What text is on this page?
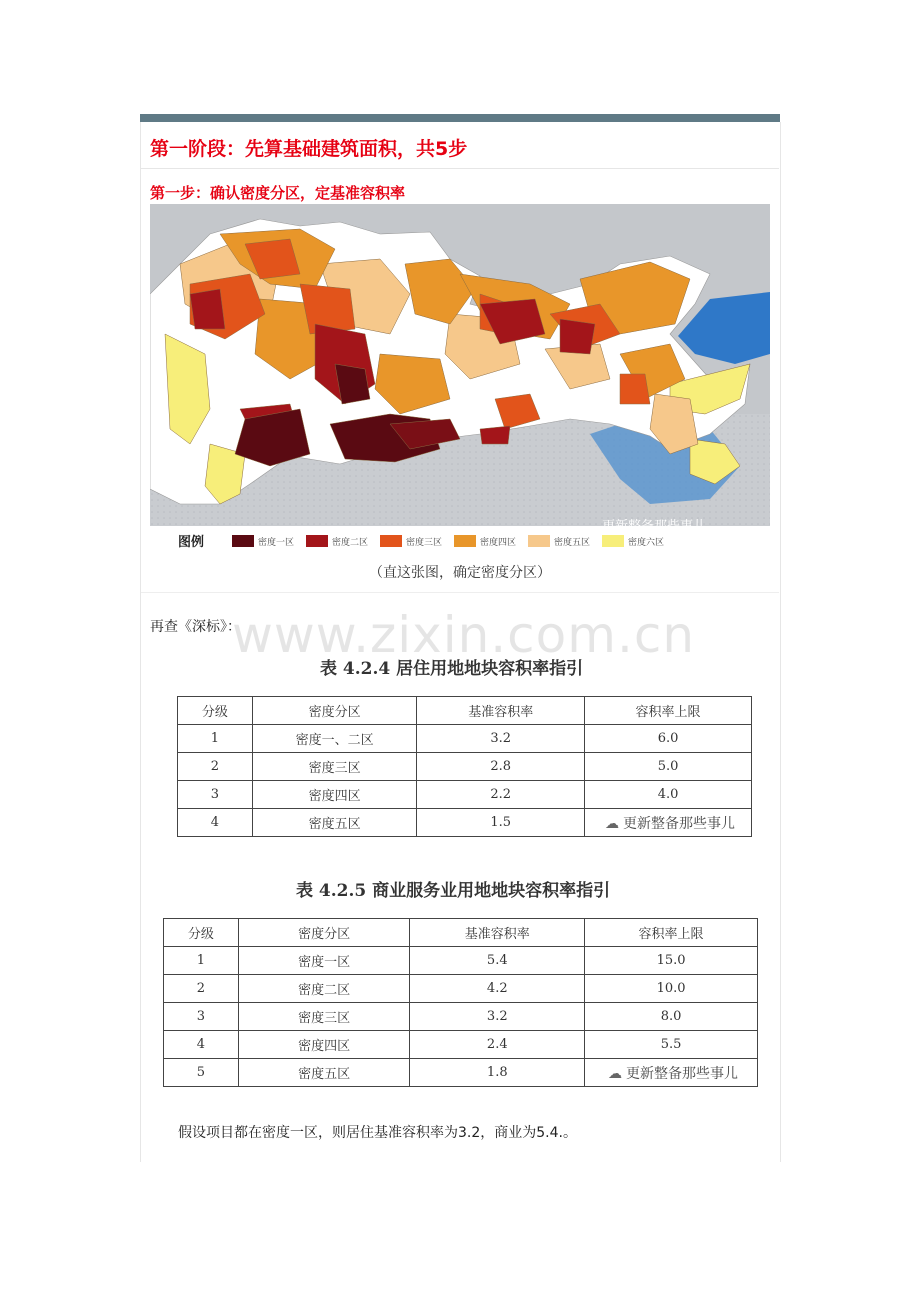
第一阶段：先算基础建筑面积，共5步
第一步：确认密度分区，定基准容积率
图例	密度一区	密度二区	密度三区	密度四区	密度五区	密度六区
更新整备那些事儿
（直这张图，确定密度分区）
www.zixin.com.cn
再查《深标》：
表 4.2.4 居住用地地块容积率指引
分级	密度分区	基准容积率	容积率上限
1	密度一、二区	3.2	6.0
2	密度三区	2.8	5.0
3	密度四区	2.2	4.0
4	密度五区	1.5	☁ 更新整备那些事儿
表 4.2.5 商业服务业用地地块容积率指引
分级	密度分区	基准容积率	容积率上限
1	密度一区	5.4	15.0
2	密度二区	4.2	10.0
3	密度三区	3.2	8.0
4	密度四区	2.4	5.5
5	密度五区	1.8	☁ 更新整备那些事儿
假设项目都在密度一区，则居住基准容积率为3.2，商业为5.4.。
